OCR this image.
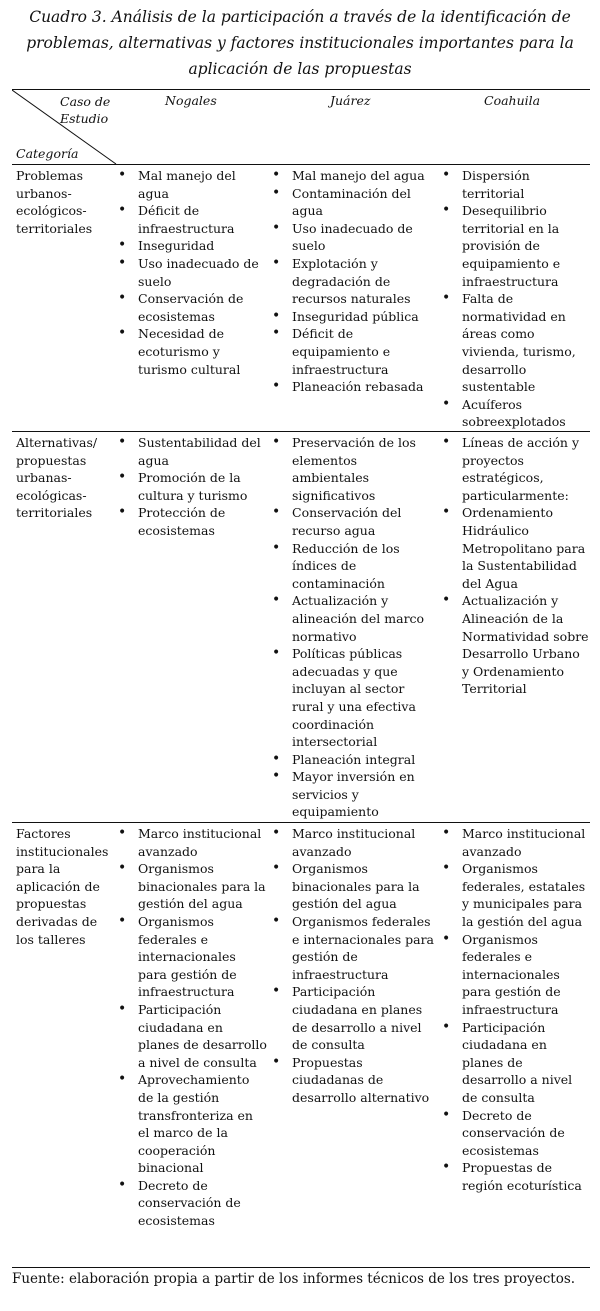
Cuadro 3. Análisis de la participación a través de la identificación de
problemas, alternativas y factores institucionales importantes para la
aplicación de las propuestas
Caso de
Estudio
Categoría
Nogales	Juárez	Coahuila
Problemas urbanos-ecológicos-territoriales
• Mal manejo del agua
• Déficit de infraestructura
• Inseguridad
• Uso inadecuado de suelo
• Conservación de ecosistemas
• Necesidad de ecoturismo y turismo cultural
• Mal manejo del agua
• Contaminación del agua
• Uso inadecuado de suelo
• Explotación y degradación de recursos naturales
• Inseguridad pública
• Déficit de equipamiento e infraestructura
• Planeación rebasada
• Dispersión territorial
• Desequilibrio territorial en la provisión de equipamiento e infraestructura
• Falta de normatividad en áreas como vivienda, turismo, desarrollo sustentable
• Acuíferos sobreexplotados
Alternativas/ propuestas urbanas-ecológicas-territoriales
• Sustentabilidad del agua
• Promoción de la cultura y turismo
• Protección de ecosistemas
• Preservación de los elementos ambientales significativos
• Conservación del recurso agua
• Reducción de los índices de contaminación
• Actualización y alineación del marco normativo
• Políticas públicas adecuadas y que incluyan al sector rural y una efectiva coordinación intersectorial
• Planeación integral
• Mayor inversión en servicios y equipamiento
• Líneas de acción y proyectos estratégicos, particularmente:
• Ordenamiento Hidráulico Metropolitano para la Sustentabilidad del Agua
• Actualización y Alineación de la Normatividad sobre Desarrollo Urbano y Ordenamiento Territorial
Factores institucionales para la aplicación de propuestas derivadas de los talleres
• Marco institucional avanzado
• Organismos binacionales para la gestión del agua
• Organismos federales e internacionales para gestión de infraestructura
• Participación ciudadana en planes de desarrollo a nivel de consulta
• Aprovechamiento de la gestión transfronteriza en el marco de la cooperación binacional
• Decreto de conservación de ecosistemas
• Marco institucional avanzado
• Organismos binacionales para la gestión del agua
• Organismos federales e internacionales para gestión de infraestructura
• Participación ciudadana en planes de desarrollo a nivel de consulta
• Propuestas ciudadanas de desarrollo alternativo
• Marco institucional avanzado
• Organismos federales, estatales y municipales para la gestión del agua
• Organismos federales e internacionales para gestión de infraestructura
• Participación ciudadana en planes de desarrollo a nivel de consulta
• Decreto de conservación de ecosistemas
• Propuestas de región ecoturística
Fuente: elaboración propia a partir de los informes técnicos de los tres proyectos.
